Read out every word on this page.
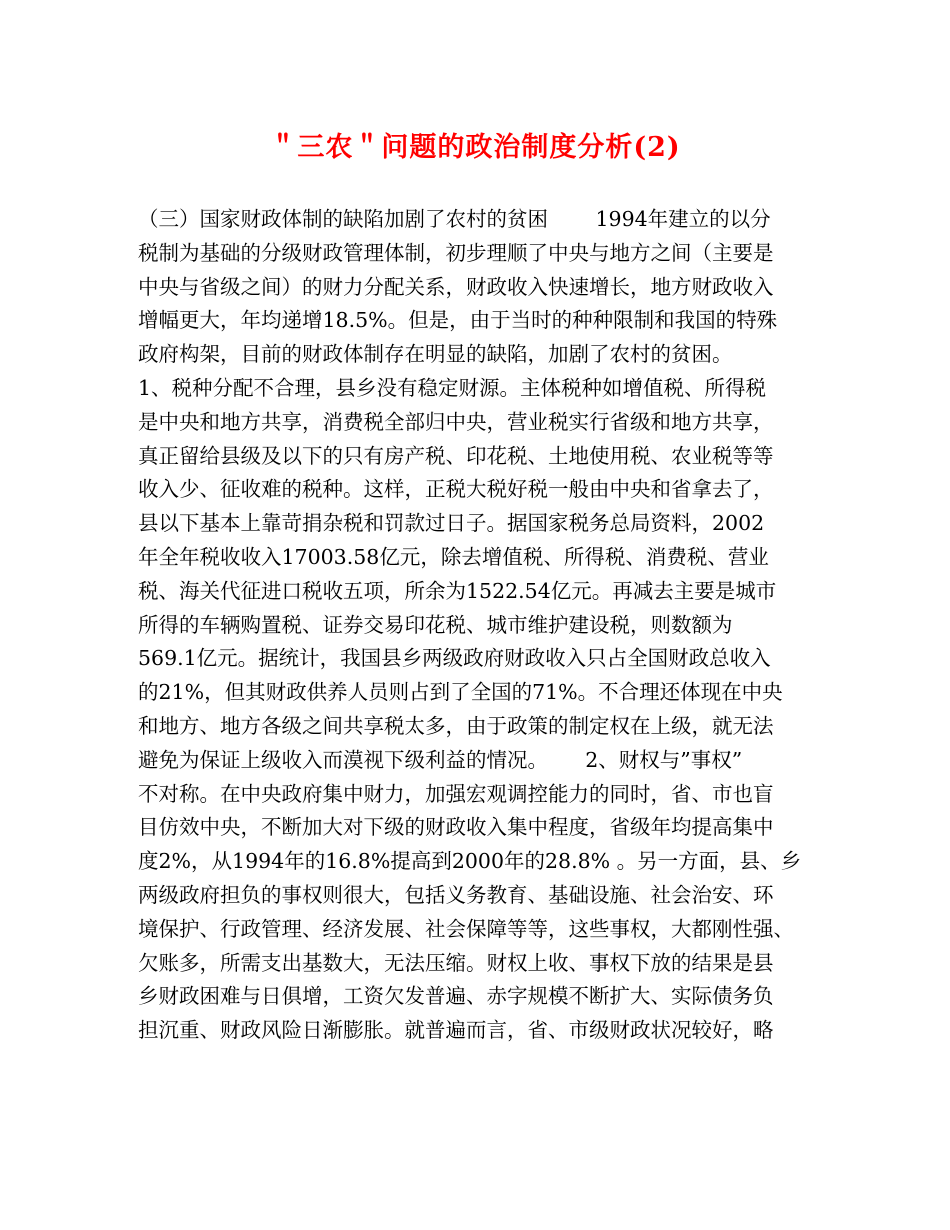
＂三农＂问题的政治制度分析(2)
（三）国家财政体制的缺陷加剧了农村的贫困　　 1994年建立的以分
税制为基础的分级财政管理体制，初步理顺了中央与地方之间（主要是
中央与省级之间）的财力分配关系，财政收入快速增长，地方财政收入
增幅更大，年均递增18.5%。但是，由于当时的种种限制和我国的特殊
政府构架，目前的财政体制存在明显的缺陷，加剧了农村的贫困。
1、税种分配不合理，县乡没有稳定财源。主体税种如增值税、所得税
是中央和地方共享，消费税全部归中央，营业税实行省级和地方共享，
真正留给县级及以下的只有房产税、印花税、土地使用税、农业税等等
收入少、征收难的税种。这样，正税大税好税一般由中央和省拿去了，
县以下基本上靠苛捐杂税和罚款过日子。据国家税务总局资料，2002
年全年税收收入17003.58亿元，除去增值税、所得税、消费税、营业
税、海关代征进口税收五项，所余为1522.54亿元。再减去主要是城市
所得的车辆购置税、证券交易印花税、城市维护建设税，则数额为
569.1亿元。据统计，我国县乡两级政府财政收入只占全国财政总收入
的21%，但其财政供养人员则占到了全国的71%。不合理还体现在中央
和地方、地方各级之间共享税太多，由于政策的制定权在上级，就无法
避免为保证上级收入而漠视下级利益的情况。　　 2、财权与”事权”
不对称。在中央政府集中财力，加强宏观调控能力的同时，省、市也盲
目仿效中央，不断加大对下级的财政收入集中程度，省级年均提高集中
度2%，从1994年的16.8%提高到2000年的28.8% 。另一方面，县、乡
两级政府担负的事权则很大，包括义务教育、基础设施、社会治安、环
境保护、行政管理、经济发展、社会保障等等，这些事权，大都刚性强、
欠账多，所需支出基数大，无法压缩。财权上收、事权下放的结果是县
乡财政困难与日俱增，工资欠发普遍、赤字规模不断扩大、实际债务负
担沉重、财政风险日渐膨胀。就普遍而言，省、市级财政状况较好，略
